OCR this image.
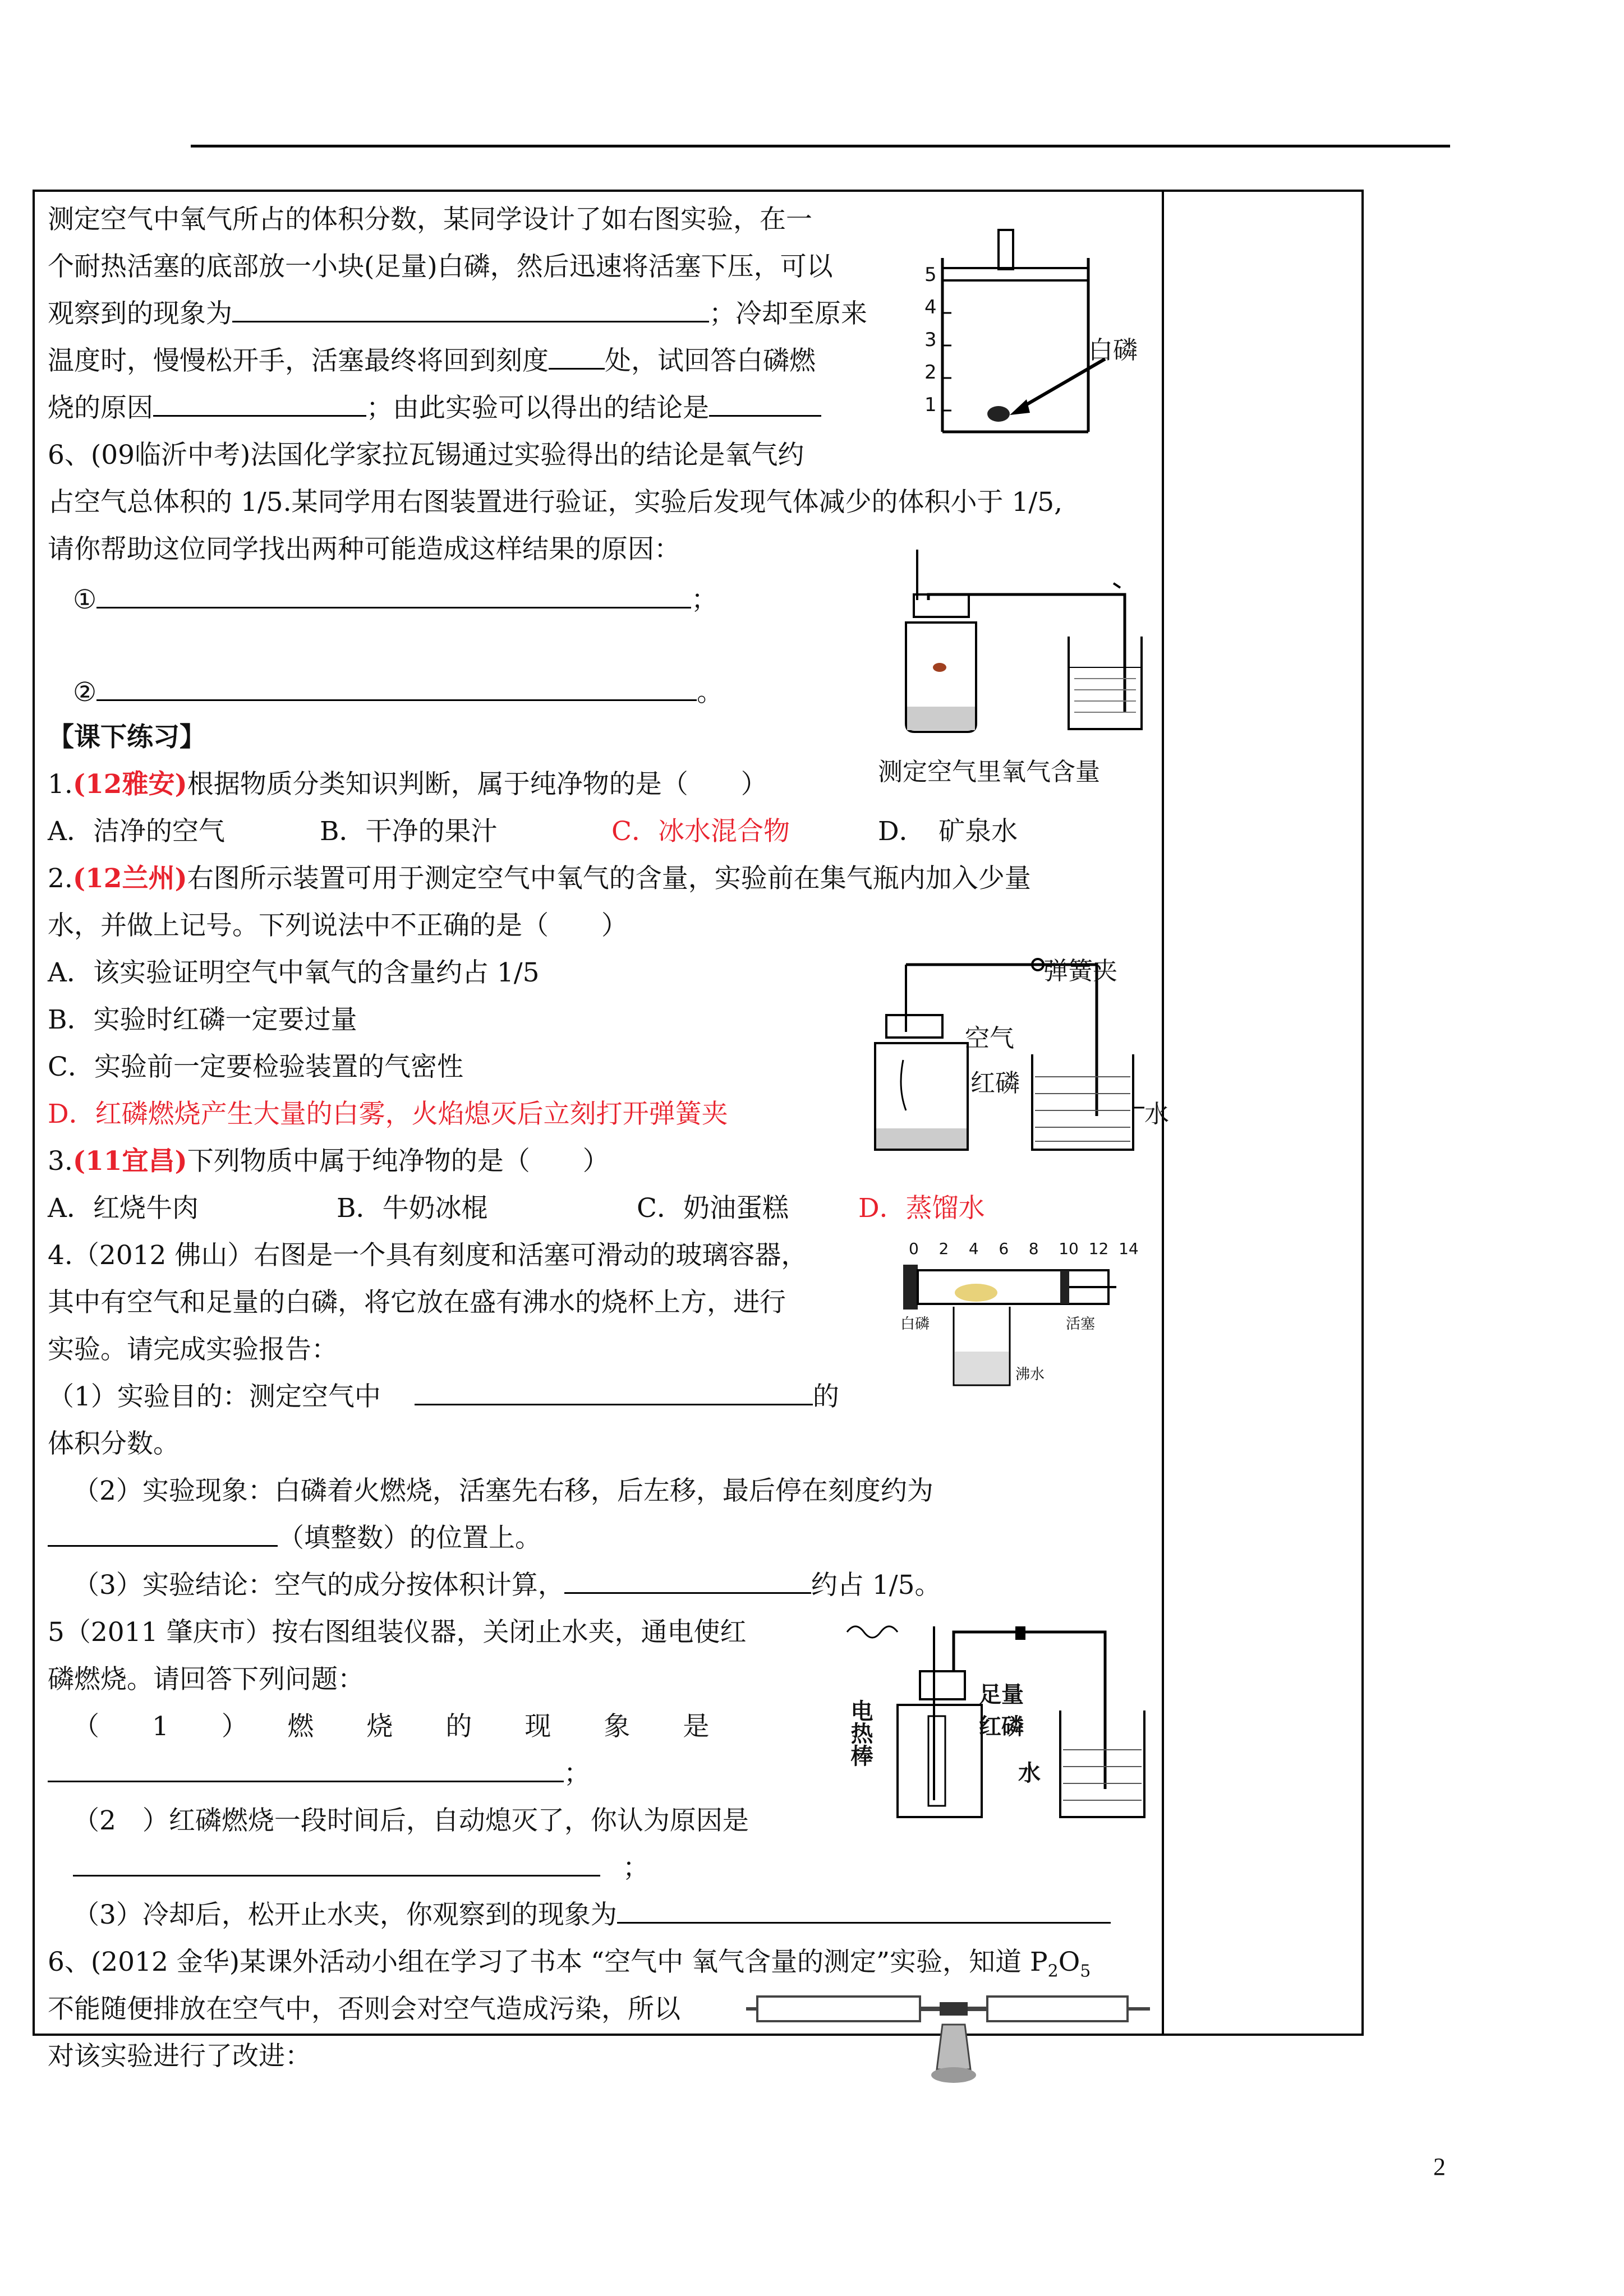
测定空气中氧气所占的体积分数，某同学设计了如右图实验，在一
个耐热活塞的底部放一小块(足量)白磷，然后迅速将活塞下压，可以
观察到的现象为	；冷却至原来
温度时，慢慢松开手，活塞最终将回到刻度 处，试回答白磷燃
烧的原因	；由此实验可以得出的结论是
6、(09临沂中考)法国化学家拉瓦锡通过实验得出的结论是氧气约
占空气总体积的 1/5.某同学用右图装置进行验证，实验后发现气体减少的体积小于 1/5,
请你帮助这位同学找出两种可能造成这样结果的原因：
①	；
②	。
【课下练习】
1.(12雅安)根据物质分类知识判断，属于纯净物的是（　　）
A．洁净的空气	B．干净的果汁	C．冰水混合物	D．　矿泉水
2.(12兰州)右图所示装置可用于测定空气中氧气的含量，实验前在集气瓶内加入少量
水，并做上记号。下列说法中不正确的是（　　）
A．该实验证明空气中氧气的含量约占 1/5
B．实验时红磷一定要过量
C．实验前一定要检验装置的气密性
D．红磷燃烧产生大量的白雾，火焰熄灭后立刻打开弹簧夹
3.(11宜昌)下列物质中属于纯净物的是（　　）
A．红烧牛肉	B．牛奶冰棍	C．奶油蛋糕	D．蒸馏水
4.（2012 佛山）右图是一个具有刻度和活塞可滑动的玻璃容器，
其中有空气和足量的白磷，将它放在盛有沸水的烧杯上方，进行
实验。请完成实验报告：
（1）实验目的：测定空气中	的
体积分数。
（2）实验现象：白磷着火燃烧，活塞先右移，后左移，最后停在刻度约为
（填整数）的位置上。
（3）实验结论：空气的成分按体积计算，	约占 1/5。
5（2011 肇庆市）按右图组装仪器，关闭止水夹，通电使红
磷燃烧。请回答下列问题：
（　　1　　）　　燃　　烧　　的　　现　　象　　是
；
（2　）红磷燃烧一段时间后，自动熄灭了，你认为原因是
；
（3）冷却后，松开止水夹，你观察到的现象为
6、(2012 金华)某课外活动小组在学习了书本 “空气中 氧气含量的测定”实验，知道 $P_2O_5$
不能随便排放在空气中，否则会对空气造成污染，所以
对该实验进行了改进：
5
4
3
2
1
白磷
测定空气里氧气含量
弹簧夹
空气
红磷
水
0 2 4 6 8 10 12 14
白磷	活塞
沸水
电热棒
足量红磷
水
2
